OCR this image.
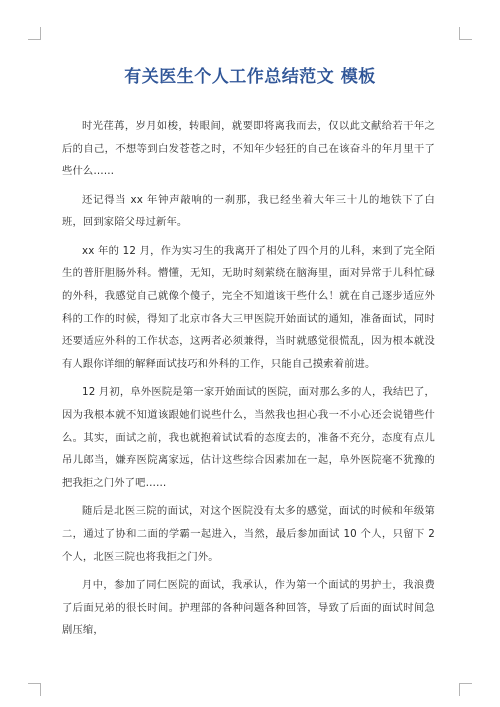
有关医生个人工作总结范文 模板

时光荏苒，岁月如梭，转眼间，就要即将离我而去，仅以此文献给若干年之后的自己，不想等到白发苍苍之时，不知年少轻狂的自己在该奋斗的年月里干了些什么……

还记得当 xx 年钟声敲响的一刹那，我已经坐着大年三十儿的地铁下了白班，回到家陪父母过新年。

xx 年的 12 月，作为实习生的我离开了相处了四个月的儿科，来到了完全陌生的普肝胆肠外科。懵懂，无知，无助时刻萦绕在脑海里，面对异常于儿科忙碌的外科，我感觉自己就像个傻子，完全不知道该干些什么！就在自己逐步适应外科的工作的时候，得知了北京市各大三甲医院开始面试的通知，准备面试，同时还要适应外科的工作状态，这两者必须兼得，当时就感觉很慌乱，因为根本就没有人跟你详细的解释面试技巧和外科的工作，只能自己摸索着前进。

12 月初，阜外医院是第一家开始面试的医院，面对那么多的人，我结巴了，因为我根本就不知道该跟她们说些什么，当然我也担心我一不小心还会说错些什么。其实，面试之前，我也就抱着试试看的态度去的，准备不充分，态度有点儿吊儿郎当，嫌弃医院离家远，估计这些综合因素加在一起，阜外医院毫不犹豫的把我拒之门外了吧……

随后是北医三院的面试，对这个医院没有太多的感觉，面试的时候和年级第二，通过了协和二面的学霸一起进入，当然，最后参加面试 10 个人，只留下 2 个人，北医三院也将我拒之门外。

月中，参加了同仁医院的面试，我承认，作为第一个面试的男护士，我浪费了后面兄弟的很长时间。护理部的各种问题各种回答，导致了后面的面试时间急剧压缩，
